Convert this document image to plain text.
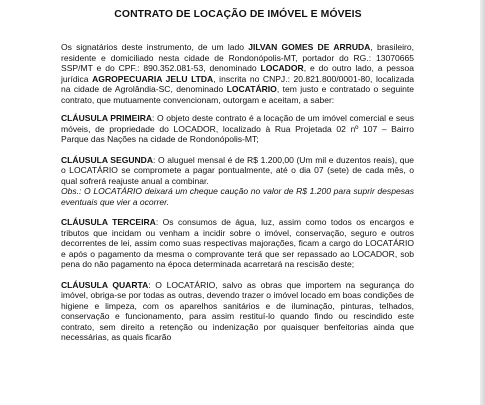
CONTRATO DE LOCAÇÃO DE IMÓVEL E MÓVEIS

Os signatários deste instrumento, de um lado JILVAN GOMES DE ARRUDA, brasileiro, residente e domiciliado nesta cidade de Rondonópolis-MT, portador do RG.: 13070665 SSP/MT e do CPF.: 890.352.081-53, denominado LOCADOR, e do outro lado, a pessoa jurídica AGROPECUARIA JELU LTDA, inscrita no CNPJ.: 20.821.800/0001-80, localizada na cidade de Agrolândia-SC, denominado LOCATÁRIO, tem justo e contratado o seguinte contrato, que mutuamente convencionam, outorgam e aceitam, a saber:

CLÁUSULA PRIMEIRA: O objeto deste contrato é a locação de um imóvel comercial e seus móveis, de propriedade do LOCADOR, localizado à Rua Projetada 02 nº 107 – Bairro Parque das Nações na cidade de Rondonópolis-MT;

CLÁUSULA SEGUNDA: O aluguel mensal é de R$ 1.200,00 (Um mil e duzentos reais), que o LOCATÁRIO se compromete a pagar pontualmente, até o dia 07 (sete) de cada mês, o qual sofrerá reajuste anual a combinar.

Obs.: O LOCATÁRIO deixará um cheque caução no valor de R$ 1.200 para suprir despesas eventuais que vier a ocorrer.

CLÁUSULA TERCEIRA: Os consumos de água, luz, assim como todos os encargos e tributos que incidam ou venham a incidir sobre o imóvel, conservação, seguro e outros decorrentes de lei, assim como suas respectivas majorações, ficam a cargo do LOCATÁRIO e após o pagamento da mesma o comprovante terá que ser repassado ao LOCADOR, sob pena do não pagamento na época determinada acarretará na rescisão deste;

CLÁUSULA QUARTA: O LOCATÁRIO, salvo as obras que importem na segurança do imóvel, obriga-se por todas as outras, devendo trazer o imóvel locado em boas condições de higiene e limpeza, com os aparelhos sanitários e de iluminação, pinturas, telhados, conservação e funcionamento, para assim restituí-lo quando findo ou rescindido este contrato, sem direito a retenção ou indenização por quaisquer benfeitorias ainda que necessárias, as quais ficarão
